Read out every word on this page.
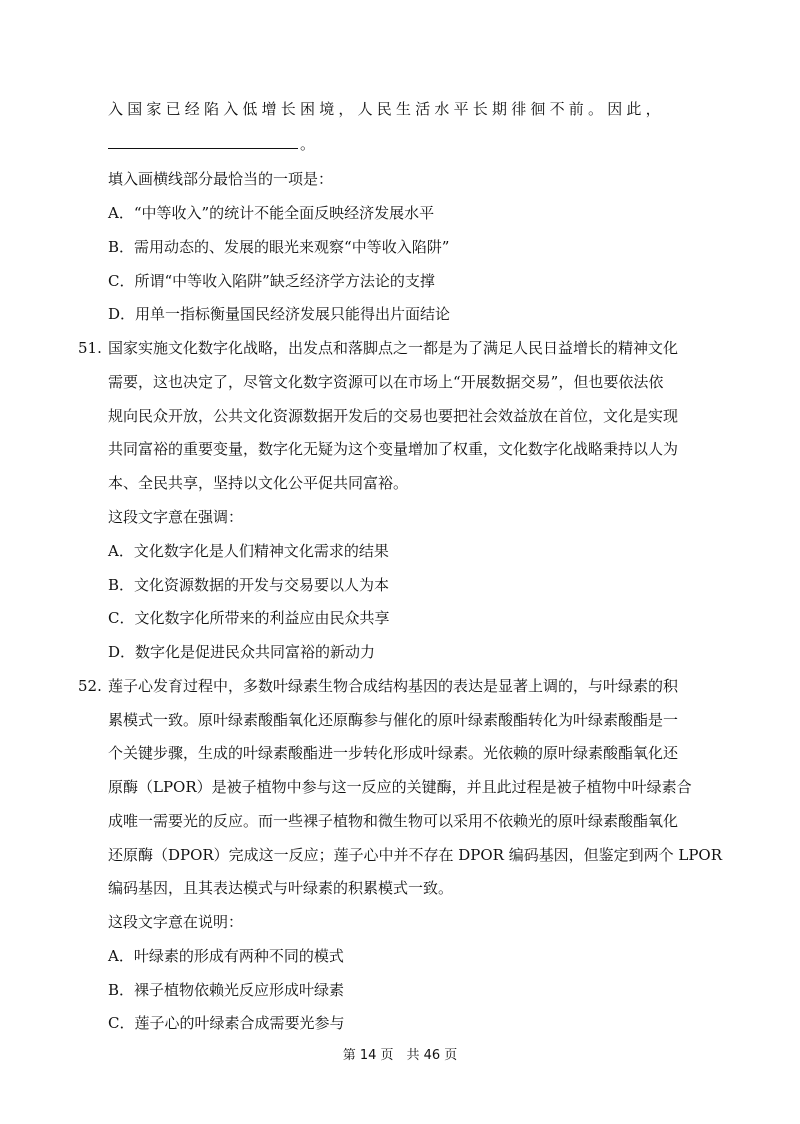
入国家已经陷入低增长困境，人民生活水平长期徘徊不前。因此，
。
填入画横线部分最恰当的一项是：
A．“中等收入”的统计不能全面反映经济发展水平
B．需用动态的、发展的眼光来观察“中等收入陷阱”
C．所谓“中等收入陷阱”缺乏经济学方法论的支撑
D．用单一指标衡量国民经济发展只能得出片面结论
51. 国家实施文化数字化战略，出发点和落脚点之一都是为了满足人民日益增长的精神文化
需要，这也决定了，尽管文化数字资源可以在市场上“开展数据交易”，但也要依法依
规向民众开放，公共文化资源数据开发后的交易也要把社会效益放在首位，文化是实现
共同富裕的重要变量，数字化无疑为这个变量增加了权重，文化数字化战略秉持以人为
本、全民共享，坚持以文化公平促共同富裕。
这段文字意在强调：
A．文化数字化是人们精神文化需求的结果
B．文化资源数据的开发与交易要以人为本
C．文化数字化所带来的利益应由民众共享
D．数字化是促进民众共同富裕的新动力
52. 莲子心发育过程中，多数叶绿素生物合成结构基因的表达是显著上调的，与叶绿素的积
累模式一致。原叶绿素酸酯氧化还原酶参与催化的原叶绿素酸酯转化为叶绿素酸酯是一
个关键步骤，生成的叶绿素酸酯进一步转化形成叶绿素。光依赖的原叶绿素酸酯氧化还
原酶（LPOR）是被子植物中参与这一反应的关键酶，并且此过程是被子植物中叶绿素合
成唯一需要光的反应。而一些裸子植物和微生物可以采用不依赖光的原叶绿素酸酯氧化
还原酶（DPOR）完成这一反应；莲子心中并不存在 DPOR 编码基因，但鉴定到两个 LPOR
编码基因，且其表达模式与叶绿素的积累模式一致。
这段文字意在说明：
A．叶绿素的形成有两种不同的模式
B．裸子植物依赖光反应形成叶绿素
C．莲子心的叶绿素合成需要光参与
第 14 页　共 46 页
